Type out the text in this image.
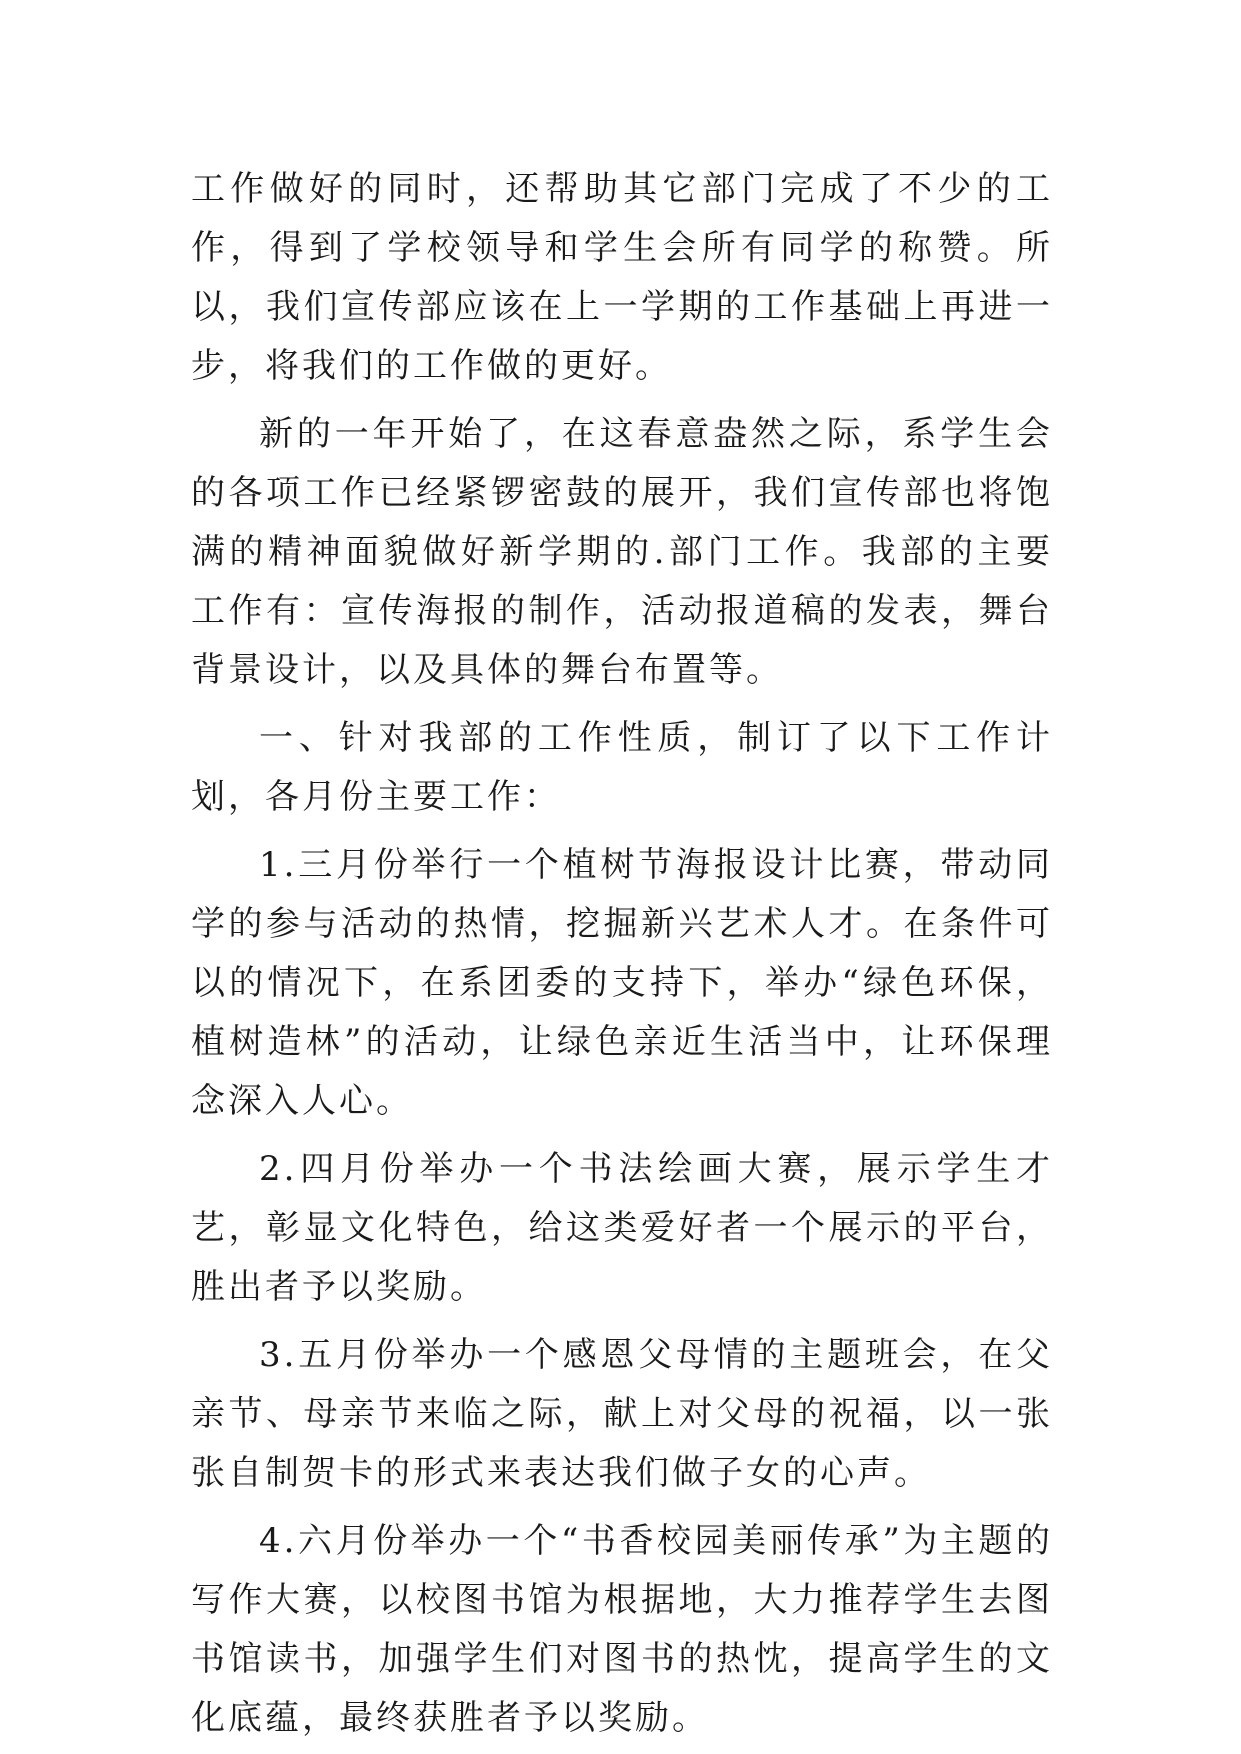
工作做好的同时，还帮助其它部门完成了不少的工作，得到了学校领导和学生会所有同学的称赞。所以，我们宣传部应该在上一学期的工作基础上再进一步，将我们的工作做的更好。

新的一年开始了，在这春意盎然之际，系学生会的各项工作已经紧锣密鼓的展开，我们宣传部也将饱满的精神面貌做好新学期的.部门工作。我部的主要工作有：宣传海报的制作，活动报道稿的发表，舞台背景设计，以及具体的舞台布置等。

一、针对我部的工作性质，制订了以下工作计划，各月份主要工作：

1.三月份举行一个植树节海报设计比赛，带动同学的参与活动的热情，挖掘新兴艺术人才。在条件可以的情况下，在系团委的支持下，举办“绿色环保，植树造林”的活动，让绿色亲近生活当中，让环保理念深入人心。

2.四月份举办一个书法绘画大赛，展示学生才艺，彰显文化特色，给这类爱好者一个展示的平台，胜出者予以奖励。

3.五月份举办一个感恩父母情的主题班会，在父亲节、母亲节来临之际，献上对父母的祝福，以一张张自制贺卡的形式来表达我们做子女的心声。

4.六月份举办一个“书香校园美丽传承”为主题的写作大赛，以校图书馆为根据地，大力推荐学生去图书馆读书，加强学生们对图书的热忱，提高学生的文化底蕴，最终获胜者予以奖励。
